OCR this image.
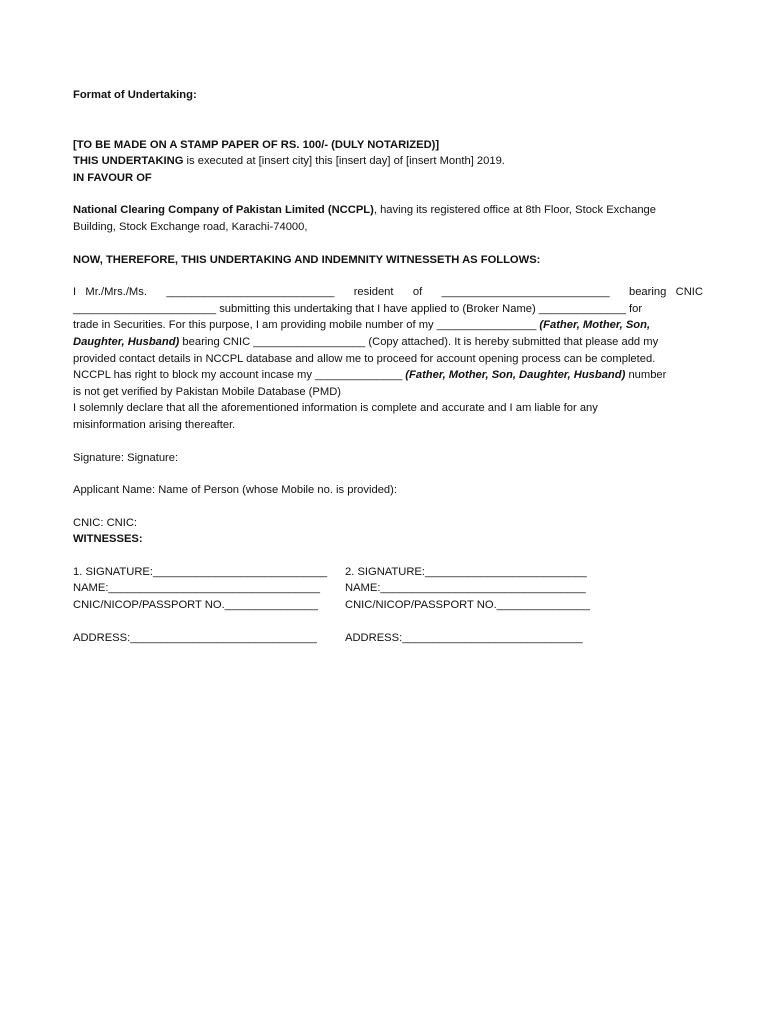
Format of Undertaking:

[TO BE MADE ON A STAMP PAPER OF RS. 100/- (DULY NOTARIZED)]

THIS UNDERTAKING is executed at [insert city] this [insert day] of [insert Month] 2019.

IN FAVOUR OF

National Clearing Company of Pakistan Limited (NCCPL), having its registered office at 8th Floor, Stock Exchange
Building, Stock Exchange road, Karachi-74000,

NOW, THEREFORE, THIS UNDERTAKING AND INDEMNITY WITNESSETH AS FOLLOWS:

I   Mr./Mrs./Ms. ___________________________ resident of ___________________________ bearing   CNIC
_______________________ submitting this undertaking that I have applied to (Broker Name) ______________ for
trade in Securities. For this purpose, I am providing mobile number of my ________________ (Father, Mother, Son,
Daughter, Husband) bearing CNIC __________________ (Copy attached). It is hereby submitted that please add my
provided contact details in NCCPL database and allow me to proceed for account opening process can be completed.
NCCPL has right to block my account incase my ______________ (Father, Mother, Son, Daughter, Husband) number
is not get verified by Pakistan Mobile Database (PMD)
I solemnly declare that all the aforementioned information is complete and accurate and I am liable for any
misinformation arising thereafter.

Signature: Signature:

Applicant Name: Name of Person (whose Mobile no. is provided):

CNIC: CNIC:

WITNESSES:

1. SIGNATURE:____________________________	2. SIGNATURE:__________________________
NAME:__________________________________	NAME:_________________________________
CNIC/NICOP/PASSPORT NO._______________	CNIC/NICOP/PASSPORT NO._______________
ADDRESS:______________________________	ADDRESS:_____________________________
